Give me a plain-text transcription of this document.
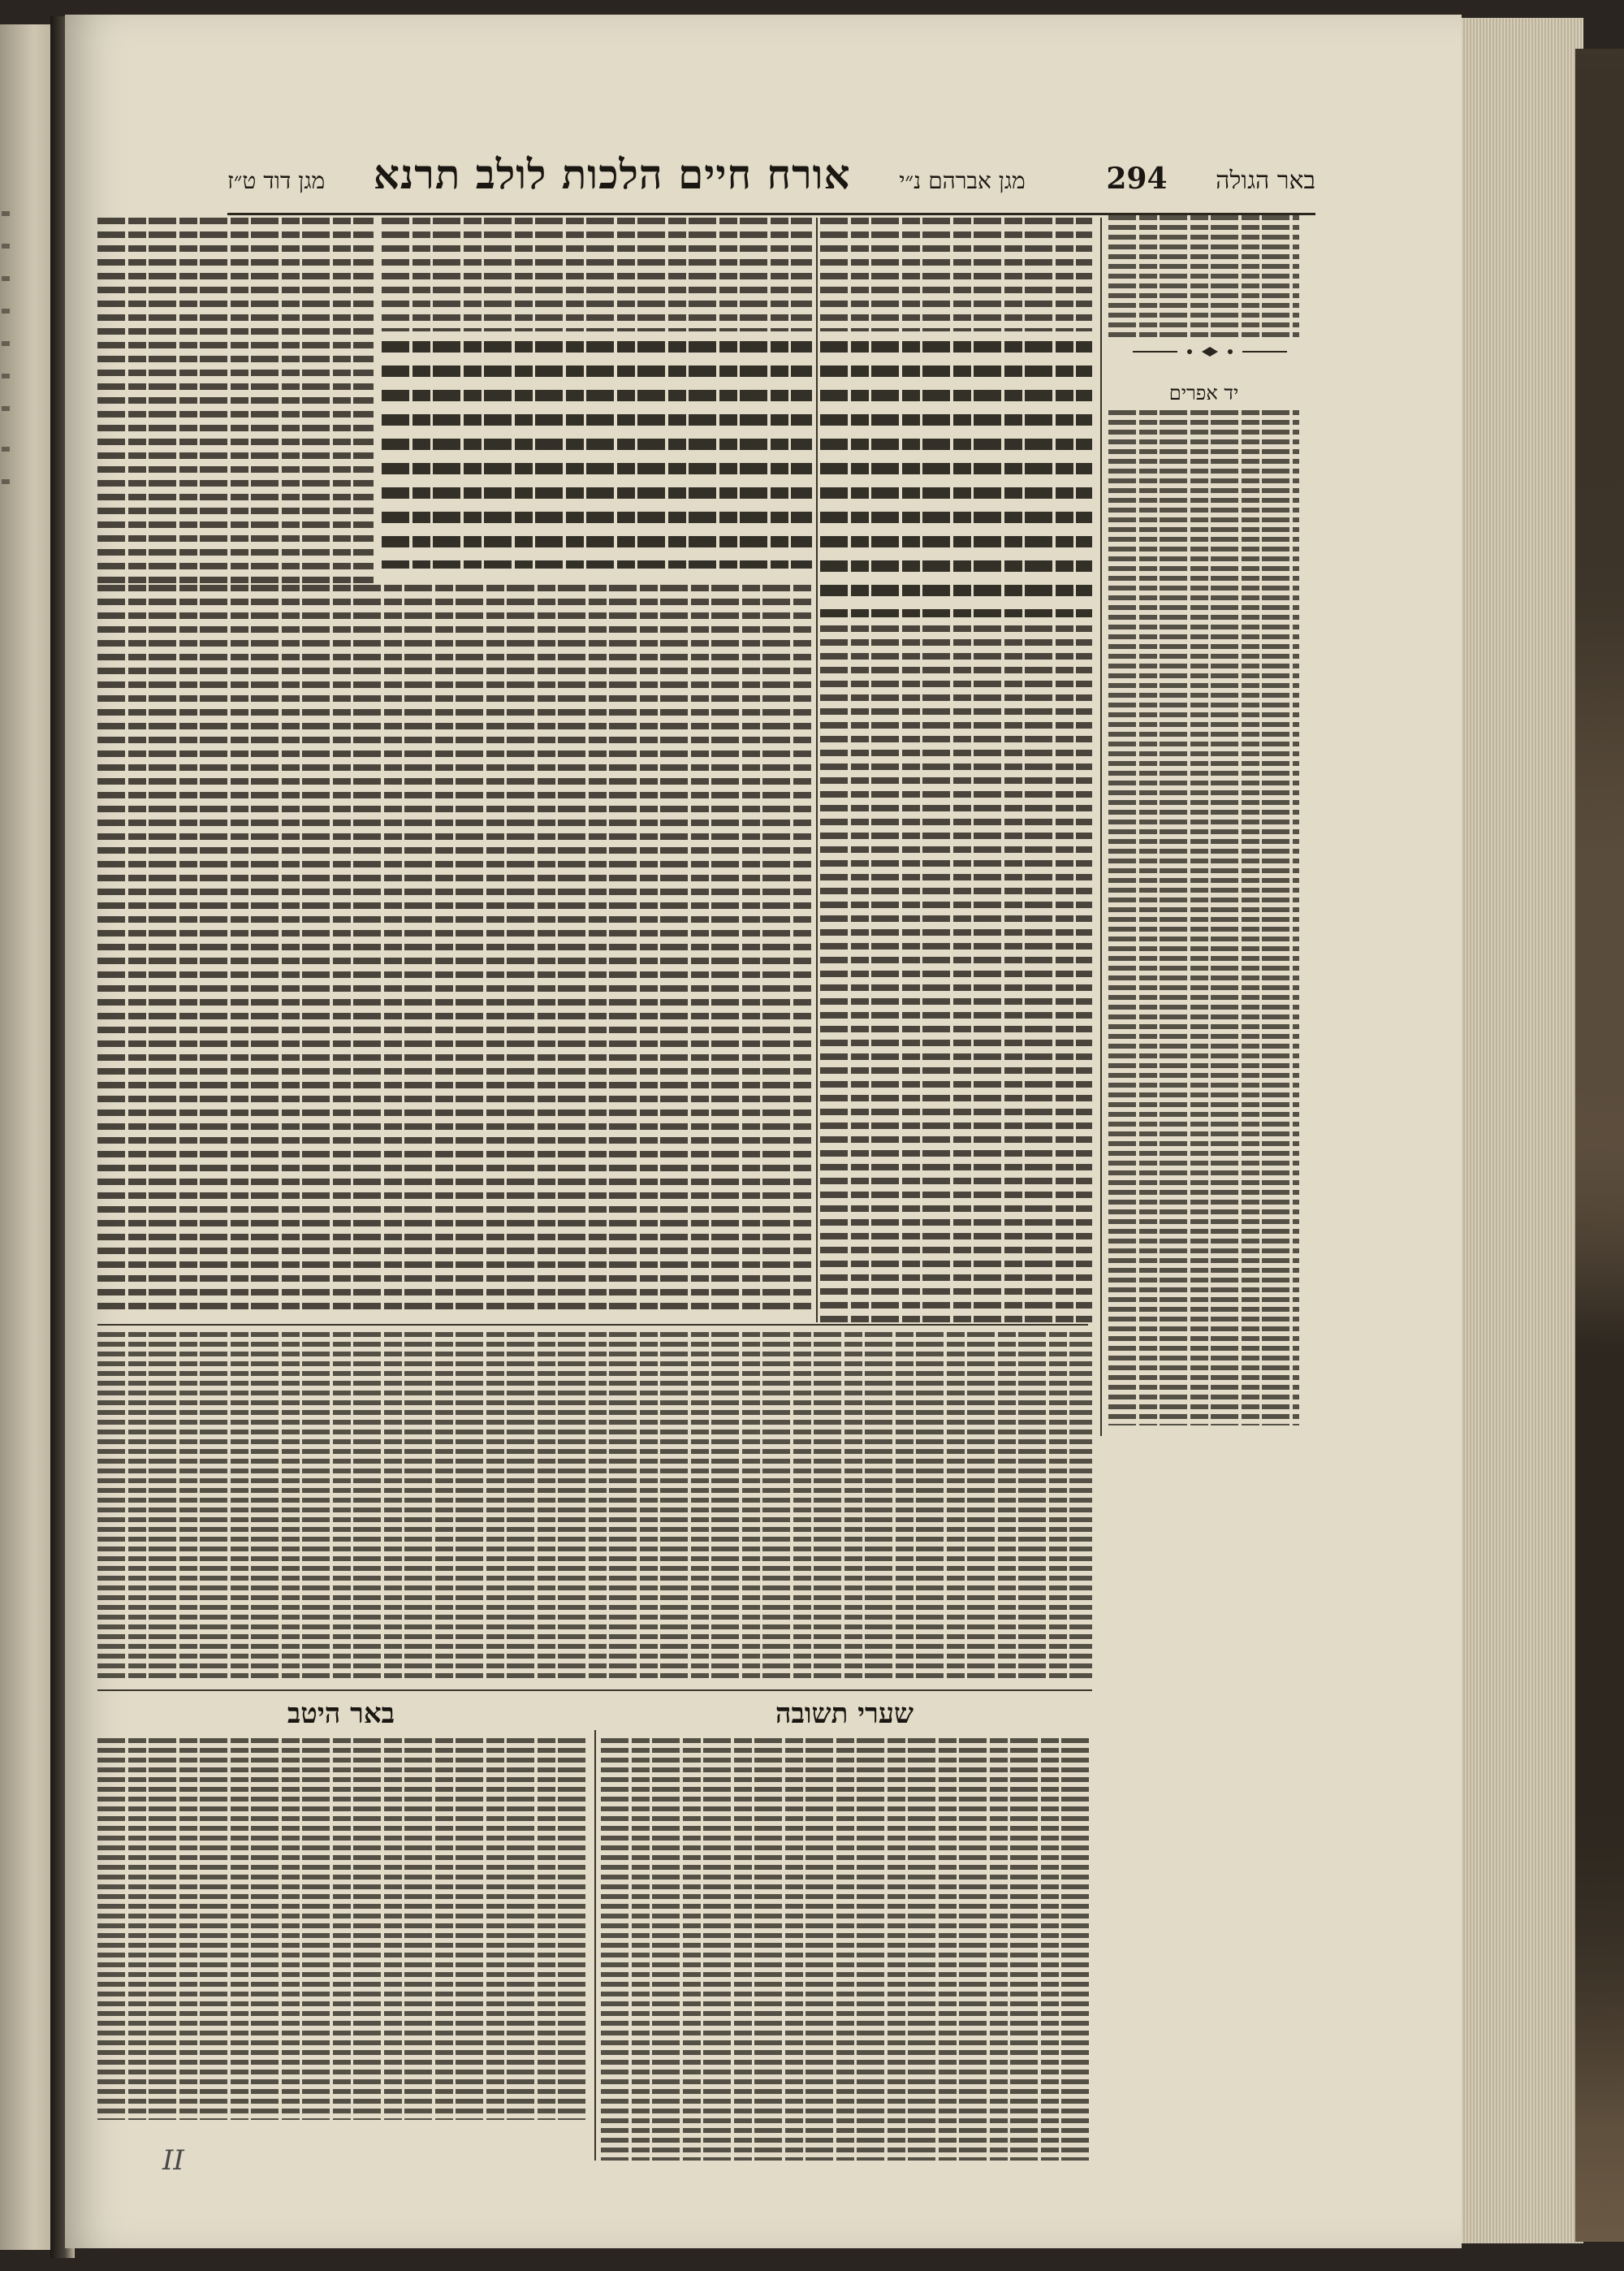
באר הגולה
294
מגן אברהם נ״י
אורח חיים הלכות לולב תרנא
מגן דוד ט״ז
יד אפרים
שערי תשובה
באר היטב
II
